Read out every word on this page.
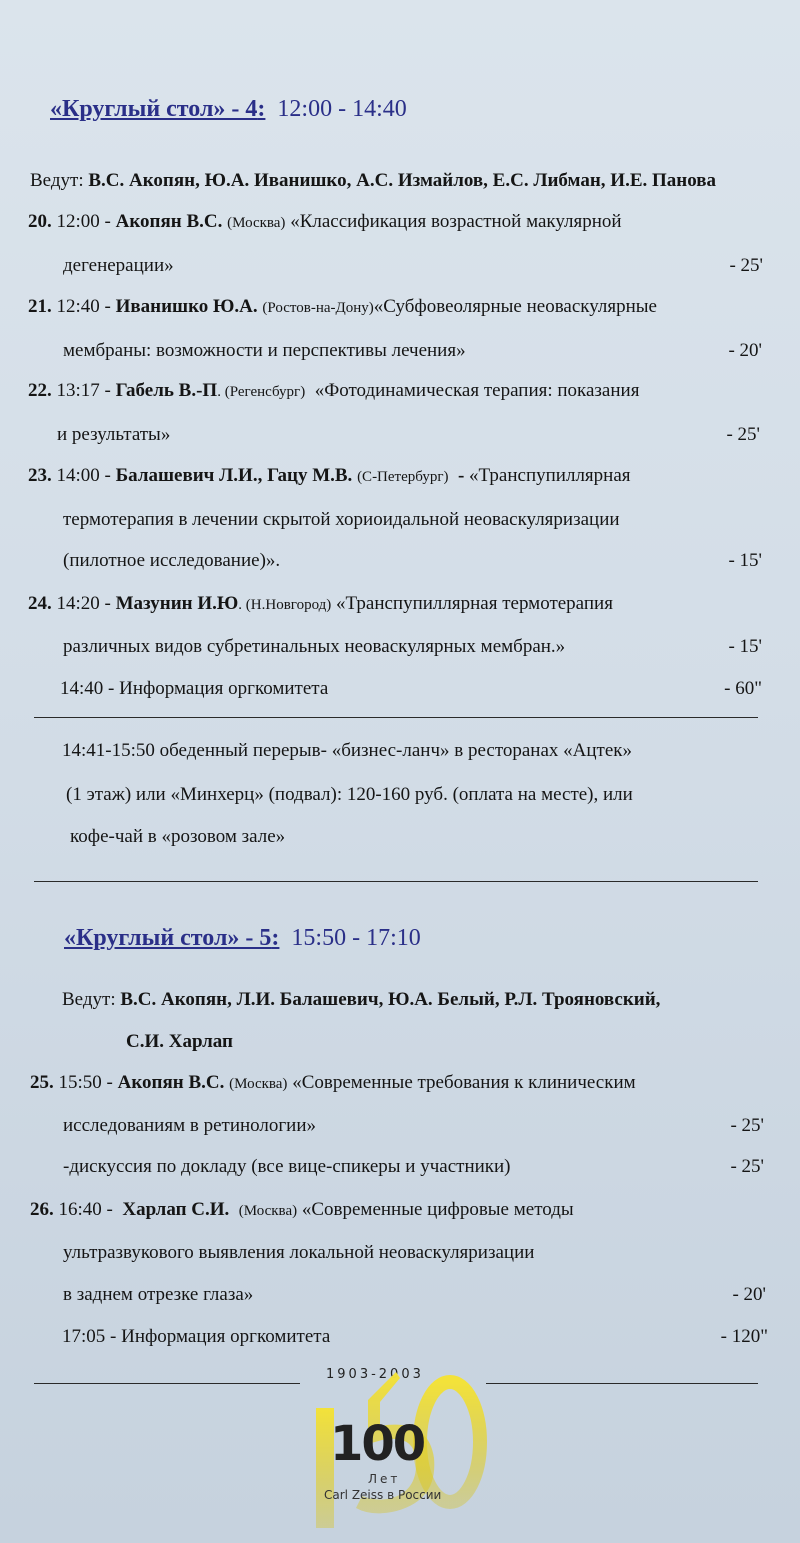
«Круглый стол» - 4: 12:00 - 14:40
Ведут: В.С. Акопян, Ю.А. Иванишко, А.С. Измайлов, Е.С. Либман, И.Е. Панова
20. 12:00 - Акопян В.С. (Москва) «Классификация возрастной макулярной
дегенерации»	- 25'
21. 12:40 - Иванишко Ю.А. (Ростов-на-Дону)«Субфовеолярные неоваскулярные
мембраны: возможности и перспективы лечения»	- 20'
22. 13:17 - Габель В.-П. (Регенсбург) «Фотодинамическая терапия: показания
и результаты»	- 25'
23. 14:00 - Балашевич Л.И., Гацу М.В. (С-Петербург) - «Транспупиллярная
термотерапия в лечении скрытой хориоидальной неоваскуляризации
(пилотное исследование)».	- 15'
24. 14:20 - Мазунин И.Ю. (Н.Новгород) «Транспупиллярная термотерапия
различных видов субретинальных неоваскулярных мембран.»	- 15'
14:40 - Информация оргкомитета	- 60"
14:41-15:50 обеденный перерыв- «бизнес-ланч» в ресторанах «Ацтек»
(1 этаж) или «Минхерц» (подвал): 120-160 руб. (оплата на месте), или
кофе-чай в «розовом зале»
«Круглый стол» - 5: 15:50 - 17:10
Ведут: В.С. Акопян, Л.И. Балашевич, Ю.А. Белый, Р.Л. Трояновский,
С.И. Харлап
25. 15:50 - Акопян В.С. (Москва) «Современные требования к клиническим
исследованиям в ретинологии»	- 25'
-дискуссия по докладу (все вице-спикеры и участники)	- 25'
26. 16:40 - Харлап С.И. (Москва) «Современные цифровые методы
ультразвукового выявления локальной неоваскуляризации
в заднем отрезке глаза»	- 20'
17:05 - Информация оргкомитета	- 120"
1903-2003
100
Лет
Carl Zeiss в России
